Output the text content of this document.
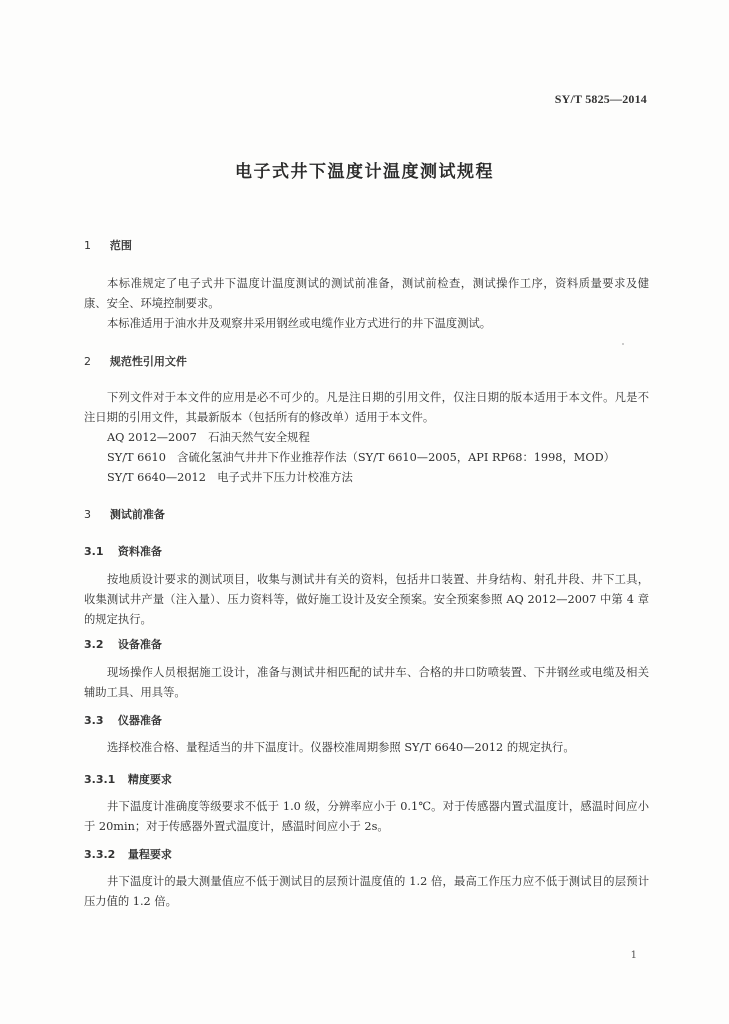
SY/T 5825—2014
电子式井下温度计温度测试规程
1 范围
本标准规定了电子式井下温度计温度测试的测试前准备，测试前检查，测试操作工序，资料质量要求及健康、安全、环境控制要求。
本标准适用于油水井及观察井采用钢丝或电缆作业方式进行的井下温度测试。
2 规范性引用文件
下列文件对于本文件的应用是必不可少的。凡是注日期的引用文件，仅注日期的版本适用于本文件。凡是不注日期的引用文件，其最新版本（包括所有的修改单）适用于本文件。
AQ 2012—2007　石油天然气安全规程
SY/T 6610　含硫化氢油气井井下作业推荐作法（SY/T 6610—2005，API RP68：1998，MOD）
SY/T 6640—2012　电子式井下压力计校准方法
3 测试前准备
3.1 资料准备
按地质设计要求的测试项目，收集与测试井有关的资料，包括井口装置、井身结构、射孔井段、井下工具，收集测试井产量（注入量）、压力资料等，做好施工设计及安全预案。安全预案参照 AQ 2012—2007 中第 4 章的规定执行。
3.2 设备准备
现场操作人员根据施工设计，准备与测试井相匹配的试井车、合格的井口防喷装置、下井钢丝或电缆及相关辅助工具、用具等。
3.3 仪器准备
选择校准合格、量程适当的井下温度计。仪器校准周期参照 SY/T 6640—2012 的规定执行。
3.3.1 精度要求
井下温度计准确度等级要求不低于 1.0 级，分辨率应小于 0.1℃。对于传感器内置式温度计，感温时间应小于 20min；对于传感器外置式温度计，感温时间应小于 2s。
3.3.2 量程要求
井下温度计的最大测量值应不低于测试目的层预计温度值的 1.2 倍，最高工作压力应不低于测试目的层预计压力值的 1.2 倍。
1
